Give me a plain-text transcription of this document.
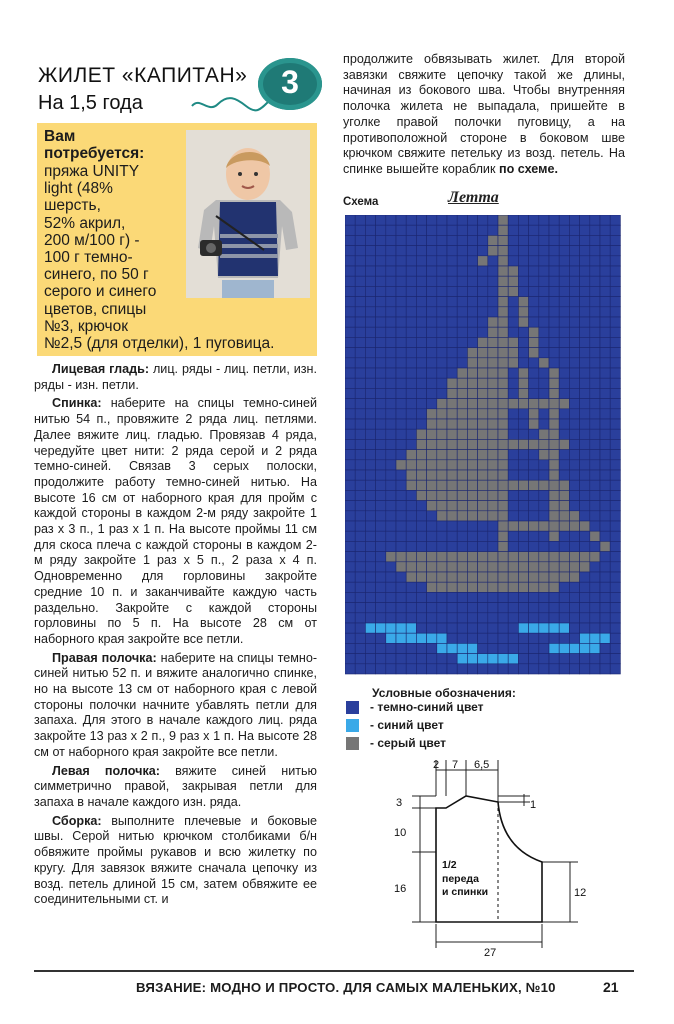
ЖИЛЕТ «КАПИТАН»
На 1,5 года
3
Вам
потребуется:
пряжа UNITY
light (48%
шерсть,
52% акрил,
200 м/100 г) -
100 г темно-
синего, по 50 г
серого и синего
цветов, спицы
№3, крючок
№2,5 (для отделки), 1 пуговица.

Лицевая гладь: лиц. ряды - лиц. петли, изн. ряды - изн. петли.

Спинка: наберите на спицы темно-синей нитью 54 п., провяжите 2 ряда лиц. петлями. Далее вяжите лиц. гладью. Провязав 4 ряда, чередуйте цвет нити: 2 ряда серой и 2 ряда темно-синей. Связав 3 серых полоски, продолжите работу темно-синей нитью. На высоте 16 см от наборного края для пройм с каждой стороны в каждом 2-м ряду закройте 1 раз x 3 п., 1 раз x 1 п. На высоте проймы 11 см для скоса плеча с каждой стороны в каждом 2-м ряду закройте 1 раз x 5 п., 2 раза x 4 п. Одновременно для горловины закройте средние 10 п. и заканчивайте каждую часть раздельно. Закройте с каждой стороны горловины по 5 п. На высоте 28 см от наборного края закройте все петли.

Правая полочка: наберите на спицы темно-синей нитью 52 п. и вяжите аналогично спинке, но на высоте 13 см от наборного края с левой стороны полочки начните убавлять петли для запаха. Для этого в начале каждого лиц. ряда закройте 13 раз x 2 п., 9 раз x 1 п. На высоте 28 см от наборного края закройте все петли.

Левая полочка: вяжите синей нитью симметрично правой, закрывая петли для запаха в начале каждого изн. ряда.

Сборка: выполните плечевые и боковые швы. Серой нитью крючком столбиками б/н обвяжите проймы рукавов и всю жилетку по кругу. Для завязок вяжите сначала цепочку из возд. петель длиной 15 см, затем обвяжите ее соединительными ст. и

продолжите обвязывать жилет. Для второй завязки свяжите цепочку такой же длины, начиная из бокового шва. Чтобы внутренняя полочка жилета не выпадала, пришейте в уголке правой полочки пуговицу, а на противоположной стороне в боковом шве крючком свяжите петельку из возд. петель. На спинке вышейте кораблик по схеме.

Схема	Летта
Условные обозначения:
- темно-синий цвет
- синий цвет
- серый цвет
2 7 6,5
3
10
16
1
12
27
1/2
переда
и спинки
ВЯЗАНИЕ: МОДНО И ПРОСТО. ДЛЯ САМЫХ МАЛЕНЬКИХ, №10	21
